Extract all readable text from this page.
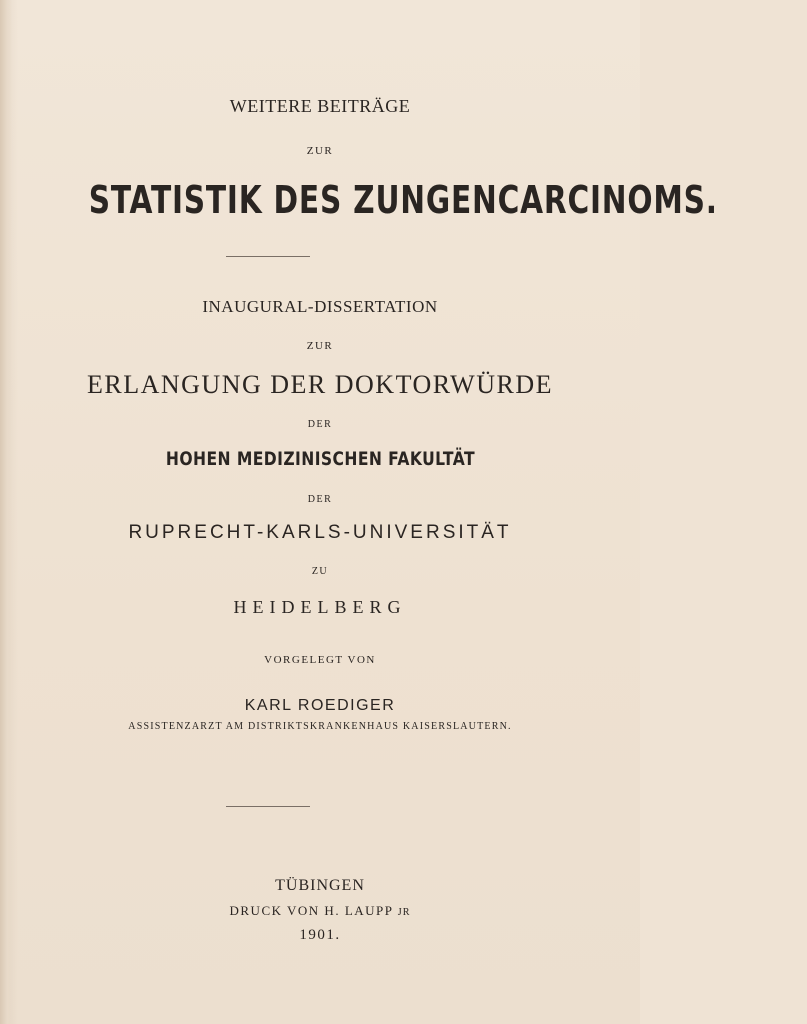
WEITERE BEITRÄGE

ZUR

STATISTIK DES ZUNGENCARCINOMS.

INAUGURAL-DISSERTATION

ZUR

ERLANGUNG DER DOKTORWÜRDE

DER

HOHEN MEDIZINISCHEN FAKULTÄT

DER

RUPRECHT-KARLS-UNIVERSITÄT

ZU

HEIDELBERG

VORGELEGT VON

KARL ROEDIGER

ASSISTENZARZT AM DISTRIKTSKRANKENHAUS KAISERSLAUTERN.

TÜBINGEN

DRUCK VON H. LAUPP JR

1901.
